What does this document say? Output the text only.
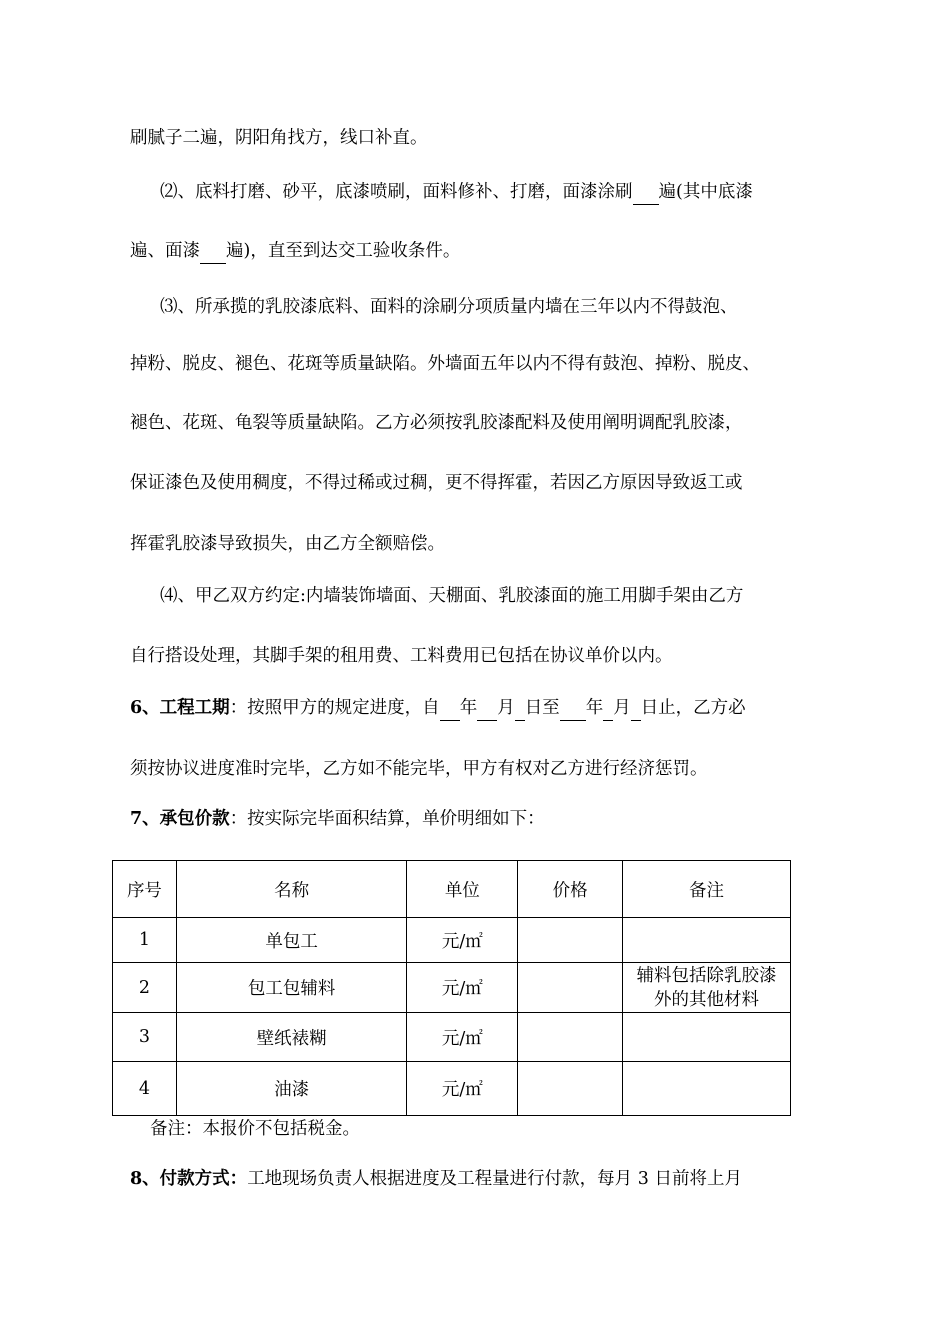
刷腻子二遍，阴阳角找方，线口补直。
⑵、底料打磨、砂平，底漆喷刷，面料修补、打磨，面漆涂刷 遍(其中底漆
遍、面漆 遍)，直至到达交工验收条件。
⑶、所承揽的乳胶漆底料、面料的涂刷分项质量内墙在三年以内不得鼓泡、
掉粉、脱皮、褪色、花斑等质量缺陷。外墙面五年以内不得有鼓泡、掉粉、脱皮、
褪色、花斑、龟裂等质量缺陷。乙方必须按乳胶漆配料及使用阐明调配乳胶漆，
保证漆色及使用稠度，不得过稀或过稠，更不得挥霍，若因乙方原因导致返工或
挥霍乳胶漆导致损失，由乙方全额赔偿。
⑷、甲乙双方约定:内墙装饰墙面、天棚面、乳胶漆面的施工用脚手架由乙方
自行搭设处理，其脚手架的租用费、工料费用已包括在协议单价以内。
6、工程工期：按照甲方的规定进度，自 年 月 日至 年 月 日止，乙方必
须按协议进度准时完毕，乙方如不能完毕，甲方有权对乙方进行经济惩罚。
7、承包价款：按实际完毕面积结算，单价明细如下：
序号	名称	单位	价格	备注
1	单包工	元/㎡		
2	包工包辅料	元/㎡		辅料包括除乳胶漆外的其他材料

3	壁纸裱糊	元/㎡		
4	油漆	元/㎡		
备注：本报价不包括税金。
8、付款方式：工地现场负责人根据进度及工程量进行付款，每月 3 日前将上月
